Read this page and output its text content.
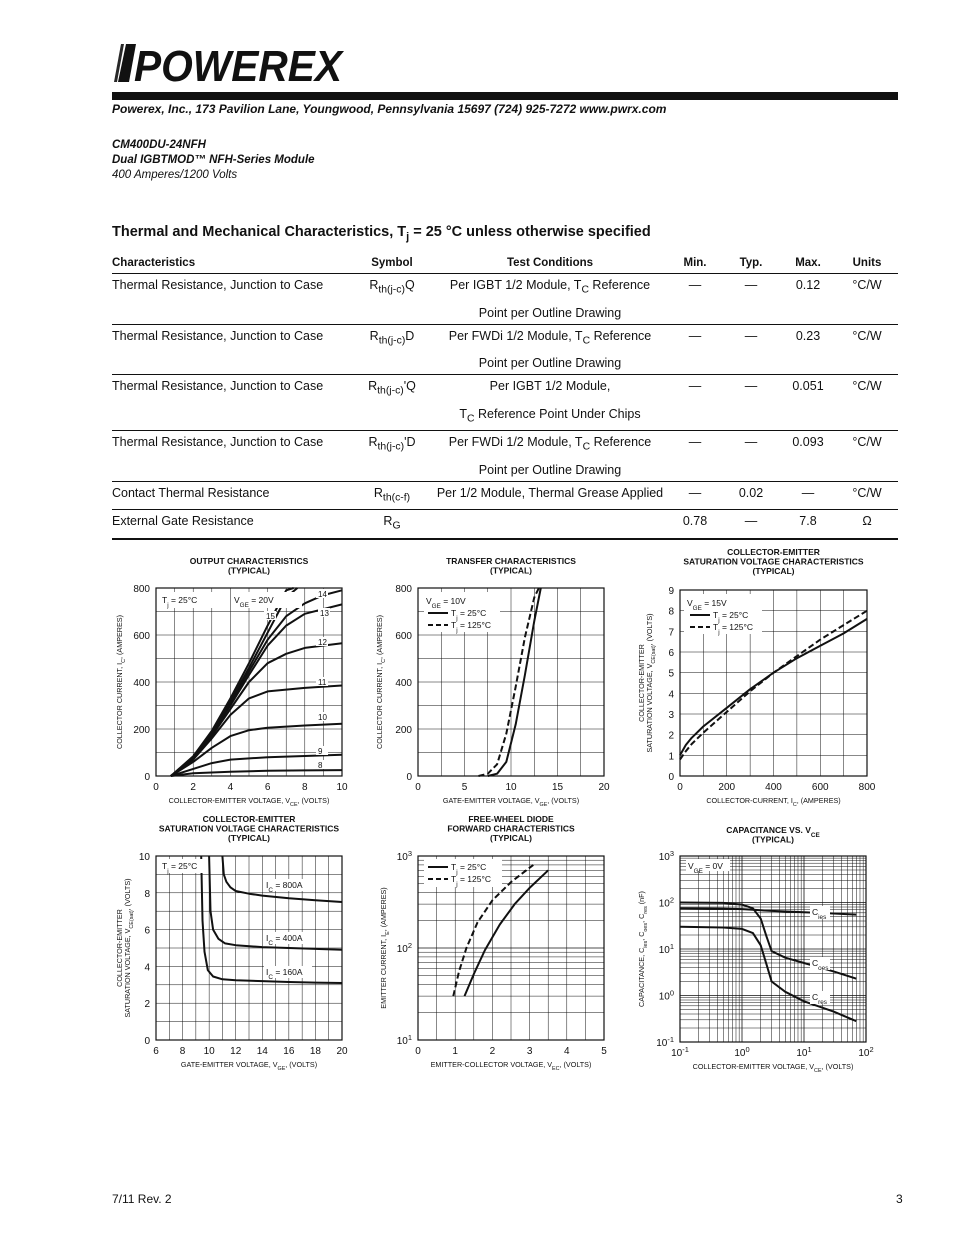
POWEREX
Powerex, Inc., 173 Pavilion Lane, Youngwood, Pennsylvania 15697 (724) 925-7272 www.pwrx.com
CM400DU-24NFH
Dual IGBTMOD™ NFH-Series Module
400 Amperes/1200 Volts
Thermal and Mechanical Characteristics, $T_j = 25$ °C unless otherwise specified
Characteristics	Symbol	Test Conditions	Min.	Typ.	Max.	Units
Thermal Resistance, Junction to Case	$R_{th(j-c)}Q$	Per IGBT 1/2 Module, $T_C$ Reference	—	—	0.12	°C/W
		Point per Outline Drawing				
Thermal Resistance, Junction to Case	$R_{th(j-c)}D$	Per FWDi 1/2 Module, $T_C$ Reference	—	—	0.23	°C/W
		Point per Outline Drawing				
Thermal Resistance, Junction to Case	$R_{th(j-c)}'Q$	Per IGBT 1/2 Module,	—	—	0.051	°C/W
		$T_C$ Reference Point Under Chips				
Thermal Resistance, Junction to Case	$R_{th(j-c)}'D$	Per FWDi 1/2 Module, $T_C$ Reference	—	—	0.093	°C/W
		Point per Outline Drawing				
Contact Thermal Resistance	$R_{th(c-f)}$	Per 1/2 Module, Thermal Grease Applied	—	0.02	—	°C/W
External Gate Resistance	$R_G$		0.78	—	7.8	Ω
OUTPUT CHARACTERISTICS
(TYPICAL)
0	2	4	6	8	10
0
200
400
600
800
COLLECTOR-EMITTER VOLTAGE, $V_{CE}$, (VOLTS)
COLLECTOR CURRENT, $I_C$, (AMPERES)
$T_j = 25^\circ C$	$V_{GE} = 20V$
8
9
10
11
12
13
14
15
TRANSFER CHARACTERISTICS
(TYPICAL)
0	5	10	15	20
0
200
400
600
800
GATE-EMITTER VOLTAGE, $V_{GE}$, (VOLTS)
COLLECTOR CURRENT, $I_C$, (AMPERES)
$V_{GE} = 10V$
$T_j = 25^\circ C$
$T_j = 125^\circ C$
COLLECTOR-EMITTER
SATURATION VOLTAGE CHARACTERISTICS
(TYPICAL)
0	200	400	600	800
0
1
2
3
4
5
6
7
8
9
COLLECTOR-CURRENT, $I_C$, (AMPERES)
COLLECTOR-EMITTER SATURATION VOLTAGE, $V_{CE(sat)}$, (VOLTS)
$V_{GE} = 15V$
$T_j = 25^\circ C$
$T_j = 125^\circ C$
COLLECTOR-EMITTER
SATURATION VOLTAGE CHARACTERISTICS
(TYPICAL)
6 8 10 12 14 16 18 20
0
2
4
6
8
10
GATE-EMITTER VOLTAGE, $V_{GE}$, (VOLTS)
COLLECTOR-EMITTER SATURATION VOLTAGE, $V_{CE(sat)}$, (VOLTS)
$T_j = 25^\circ C$
$I_C = 800A$
$I_C = 400A$
$I_C = 160A$
FREE-WHEEL DIODE
FORWARD CHARACTERISTICS
(TYPICAL)
0	1	2	3	4	5
$10^1$
$10^2$
$10^3$
EMITTER-COLLECTOR VOLTAGE, $V_{EC}$, (VOLTS)
EMITTER CURRENT, $I_E$, (AMPERES)
$T_j = 25^\circ C$
$T_j = 125^\circ C$
CAPACITANCE VS. $V_{CE}$
(TYPICAL)
$10^{-1}$	$10^0$	$10^1$	$10^2$
$10^{-1}$
$10^0$
$10^1$
$10^2$
$10^3$
COLLECTOR-EMITTER VOLTAGE, $V_{CE}$, (VOLTS)
CAPACITANCE, $C_{ies}$, $C_{oes}$, $C_{res}$ (nF)
$V_{GE} = 0V$
$C_{ies}$
$C_{oes}$
$C_{res}$
7/11 Rev. 2	3
